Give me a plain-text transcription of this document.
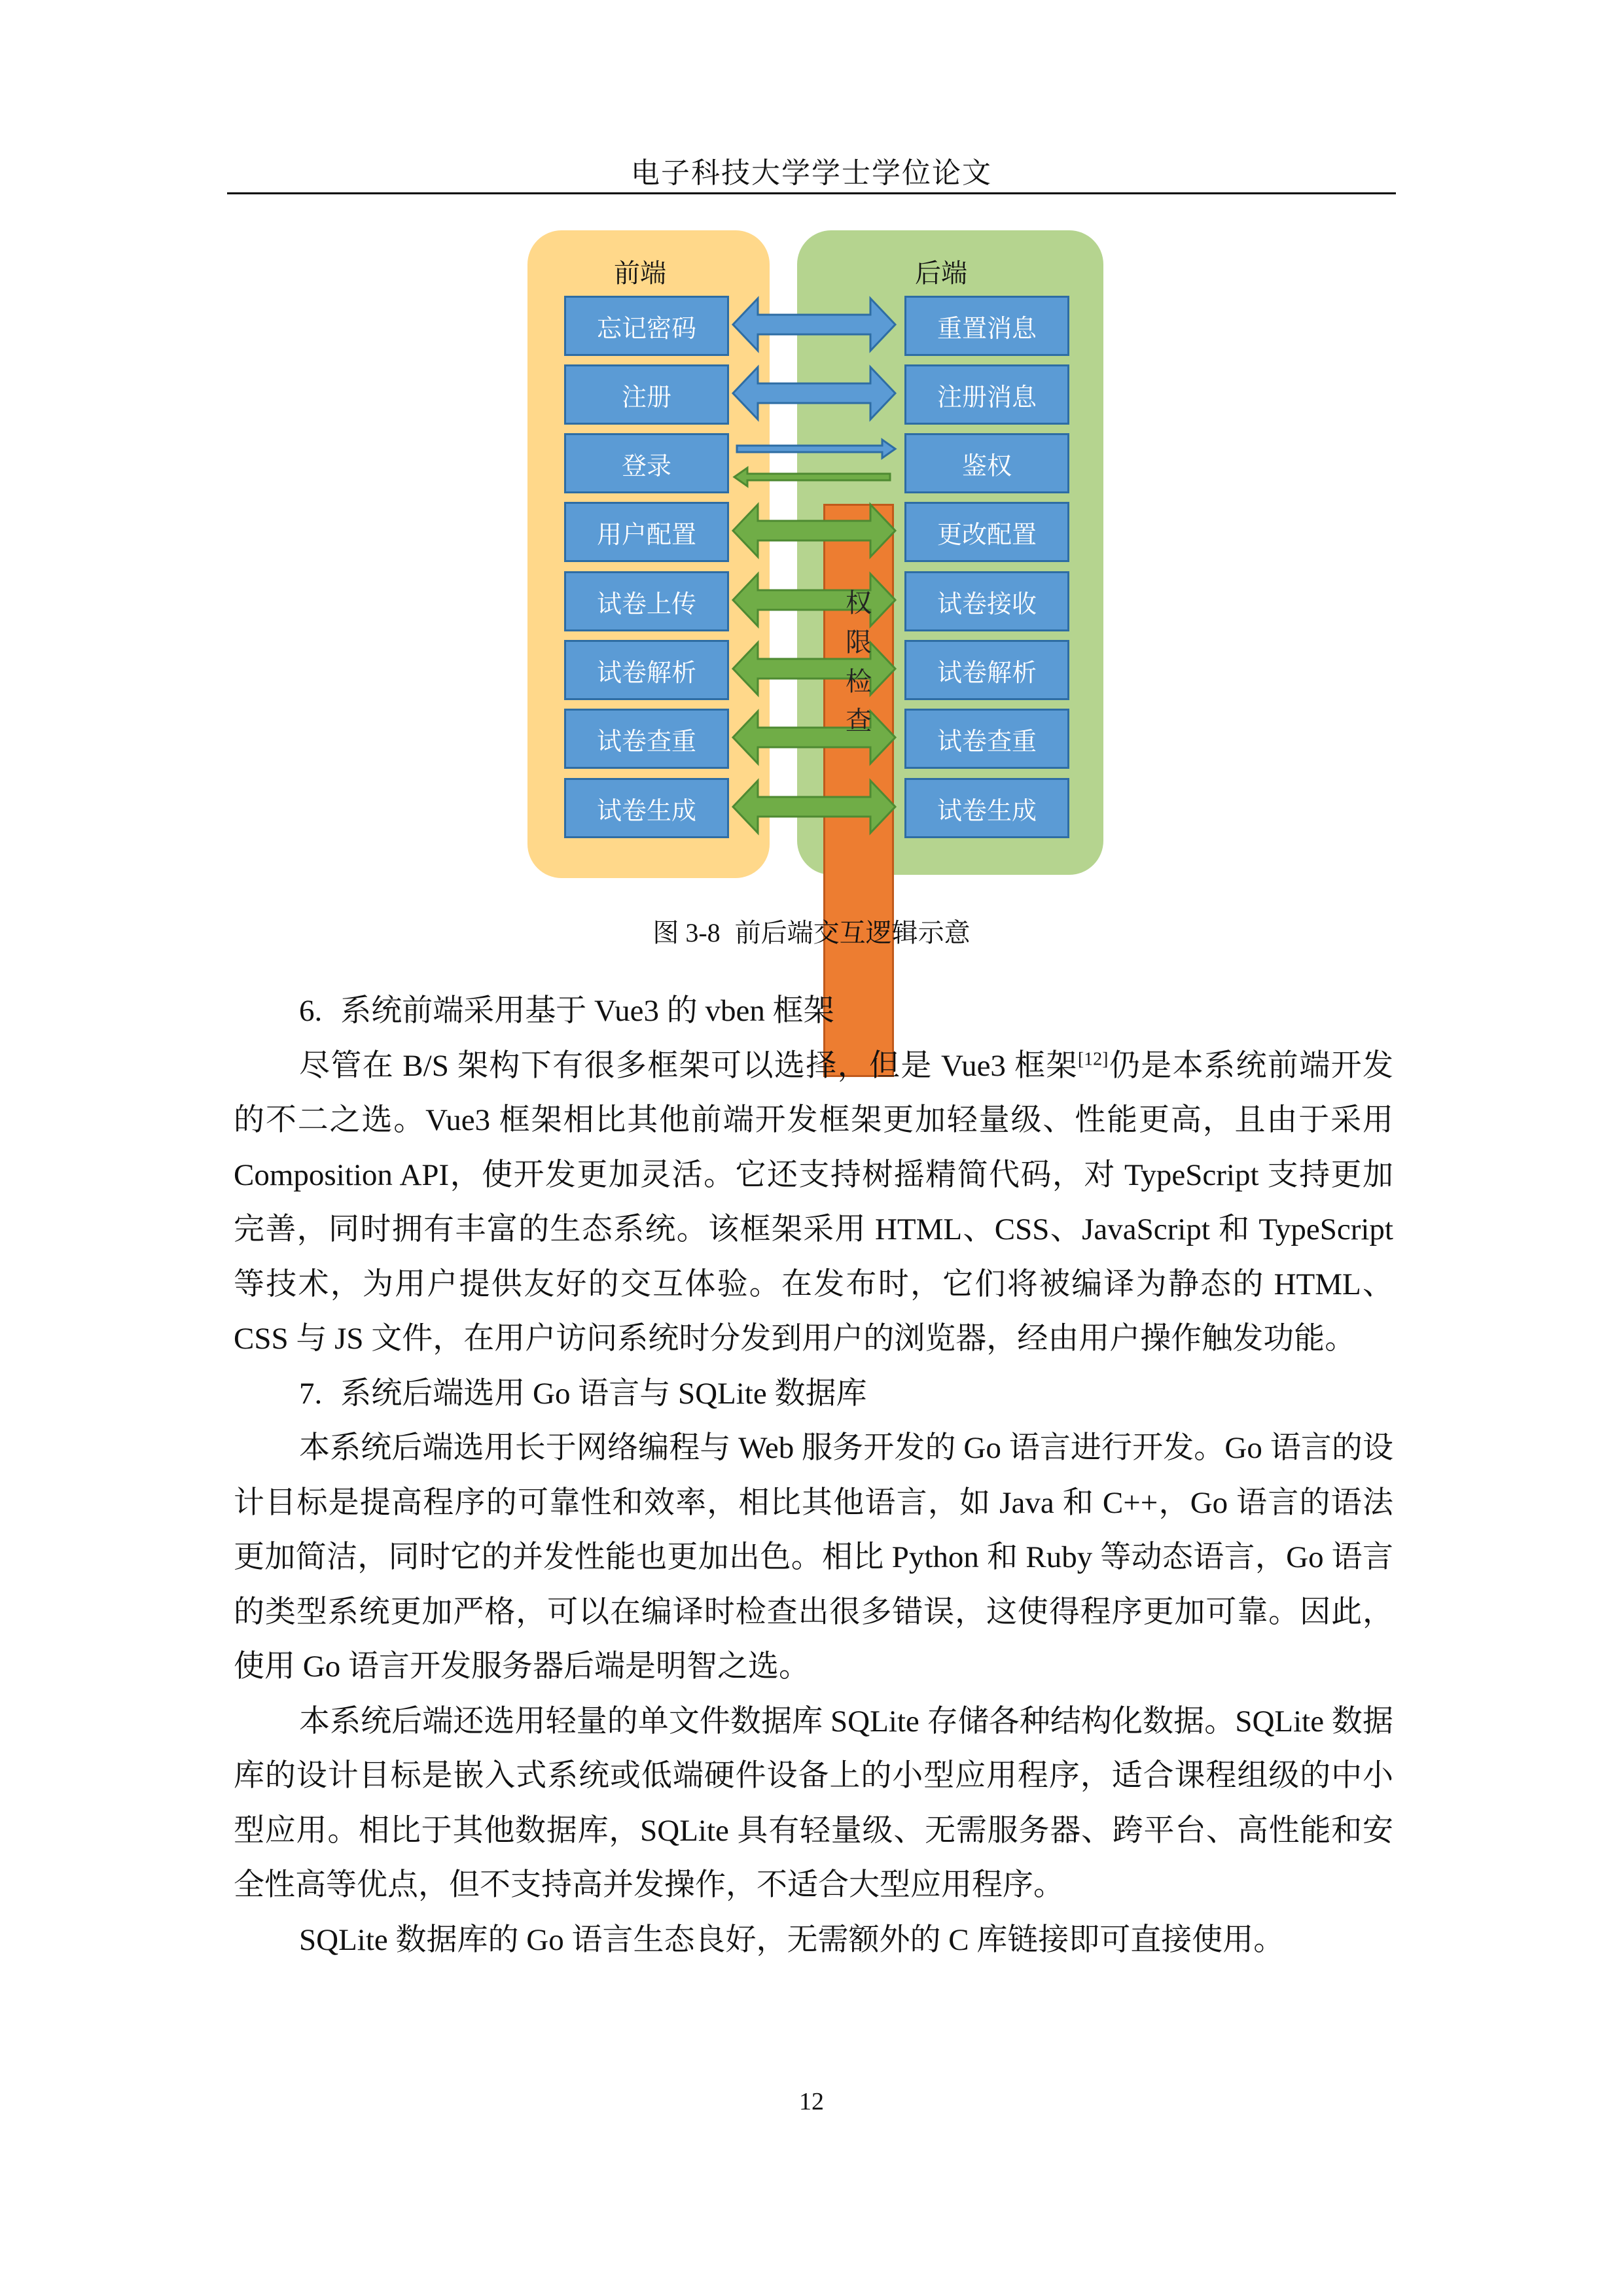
电子科技大学学士学位论文
前端	后端
权
限
检
查
忘记密码
注册
登录
用户配置
试卷上传
试卷解析
试卷查重
试卷生成
重置消息
注册消息
鉴权
更改配置
试卷接收
试卷解析
试卷查重
试卷生成
图 3-8 前后端交互逻辑示意
6. 系统前端采用基于 Vue3 的 vben 框架

尽管在 B/S 架构下有很多框架可以选择，但是 Vue3 框架[12]仍是本系统前端开发的不二之选。Vue3 框架相比其他前端开发框架更加轻量级、性能更高，且由于采用 Composition API，使开发更加灵活。它还支持树摇精简代码，对 TypeScript 支持更加完善，同时拥有丰富的生态系统。该框架采用 HTML、CSS、JavaScript 和 TypeScript 等技术，为用户提供友好的交互体验。在发布时，它们将被编译为静态的 HTML、CSS 与 JS 文件，在用户访问系统时分发到用户的浏览器，经由用户操作触发功能。

7. 系统后端选用 Go 语言与 SQLite 数据库

本系统后端选用长于网络编程与 Web 服务开发的 Go 语言进行开发。Go 语言的设计目标是提高程序的可靠性和效率，相比其他语言，如 Java 和 C++，Go 语言的语法更加简洁，同时它的并发性能也更加出色。相比 Python 和 Ruby 等动态语言，Go 语言的类型系统更加严格，可以在编译时检查出很多错误，这使得程序更加可靠。因此，使用 Go 语言开发服务器后端是明智之选。

本系统后端还选用轻量的单文件数据库 SQLite 存储各种结构化数据。SQLite 数据库的设计目标是嵌入式系统或低端硬件设备上的小型应用程序，适合课程组级的中小型应用。相比于其他数据库，SQLite 具有轻量级、无需服务器、跨平台、高性能和安全性高等优点，但不支持高并发操作，不适合大型应用程序。

SQLite 数据库的 Go 语言生态良好，无需额外的 C 库链接即可直接使用。

12
